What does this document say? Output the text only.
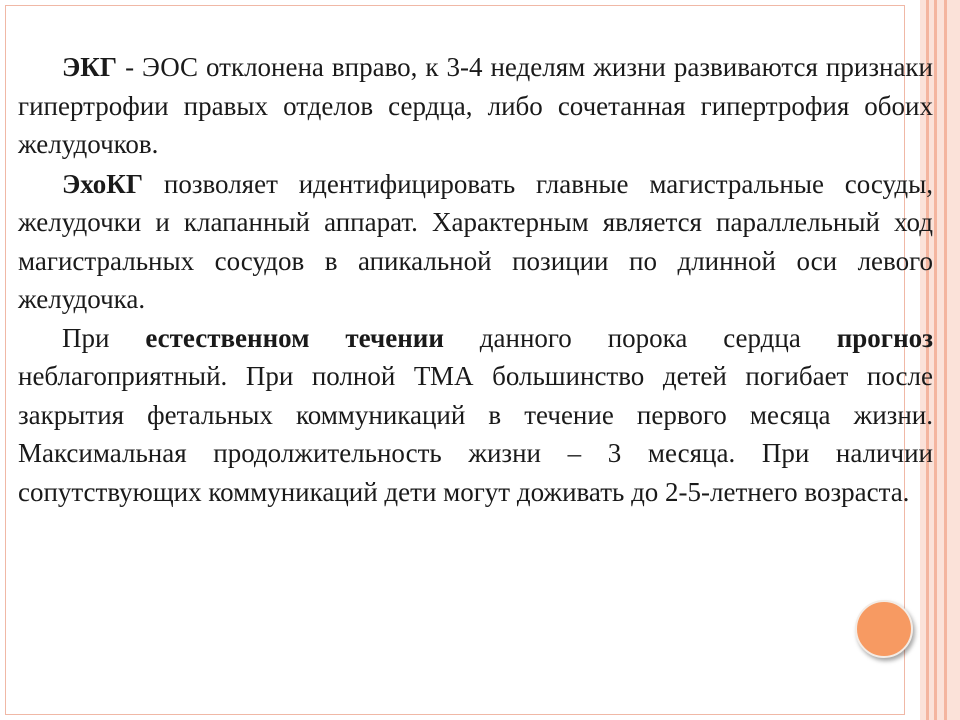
ЭКГ - ЭОС отклонена вправо, к 3-4 неделям жизни развиваются признаки гипертрофии правых отделов сердца, либо сочетанная гипертрофия обоих желудочков.

ЭхоКГ позволяет идентифицировать главные магистральные сосуды, желудочки и клапанный аппарат. Характерным является параллельный ход магистральных сосудов в апикальной позиции по длинной оси левого желудочка.

При естественном течении данного порока сердца прогноз неблагоприятный. При полной ТМА большинство детей погибает после закрытия фетальных коммуникаций в течение первого месяца жизни. Максимальная продолжительность жизни – 3 месяца. При наличии сопутствующих коммуникаций дети могут доживать до 2-5-летнего возраста.
